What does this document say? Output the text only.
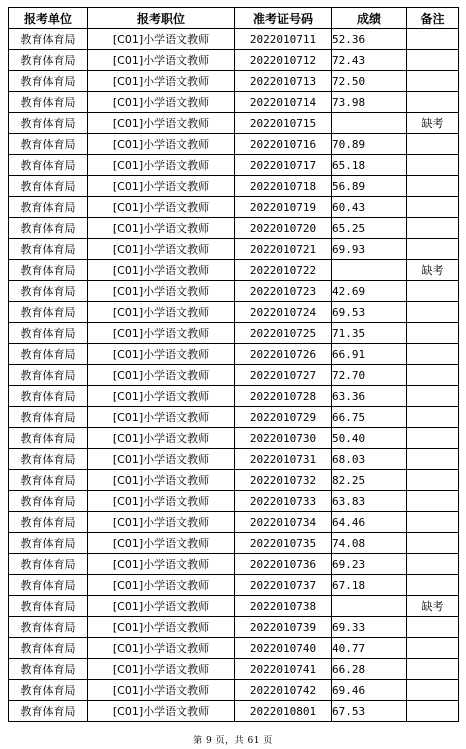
报考单位	报考职位	准考证号码	成绩	备注
教育体育局	[C01]小学语文教师	2022010711	52.36	
教育体育局	[C01]小学语文教师	2022010712	72.43	
教育体育局	[C01]小学语文教师	2022010713	72.50	
教育体育局	[C01]小学语文教师	2022010714	73.98	
教育体育局	[C01]小学语文教师	2022010715		缺考
教育体育局	[C01]小学语文教师	2022010716	70.89	
教育体育局	[C01]小学语文教师	2022010717	65.18	
教育体育局	[C01]小学语文教师	2022010718	56.89	
教育体育局	[C01]小学语文教师	2022010719	60.43	
教育体育局	[C01]小学语文教师	2022010720	65.25	
教育体育局	[C01]小学语文教师	2022010721	69.93	
教育体育局	[C01]小学语文教师	2022010722		缺考
教育体育局	[C01]小学语文教师	2022010723	42.69	
教育体育局	[C01]小学语文教师	2022010724	69.53	
教育体育局	[C01]小学语文教师	2022010725	71.35	
教育体育局	[C01]小学语文教师	2022010726	66.91	
教育体育局	[C01]小学语文教师	2022010727	72.70	
教育体育局	[C01]小学语文教师	2022010728	63.36	
教育体育局	[C01]小学语文教师	2022010729	66.75	
教育体育局	[C01]小学语文教师	2022010730	50.40	
教育体育局	[C01]小学语文教师	2022010731	68.03	
教育体育局	[C01]小学语文教师	2022010732	82.25	
教育体育局	[C01]小学语文教师	2022010733	63.83	
教育体育局	[C01]小学语文教师	2022010734	64.46	
教育体育局	[C01]小学语文教师	2022010735	74.08	
教育体育局	[C01]小学语文教师	2022010736	69.23	
教育体育局	[C01]小学语文教师	2022010737	67.18	
教育体育局	[C01]小学语文教师	2022010738		缺考
教育体育局	[C01]小学语文教师	2022010739	69.33	
教育体育局	[C01]小学语文教师	2022010740	40.77	
教育体育局	[C01]小学语文教师	2022010741	66.28	
教育体育局	[C01]小学语文教师	2022010742	69.46	
教育体育局	[C01]小学语文教师	2022010801	67.53	
第 9 页，共 61 页
